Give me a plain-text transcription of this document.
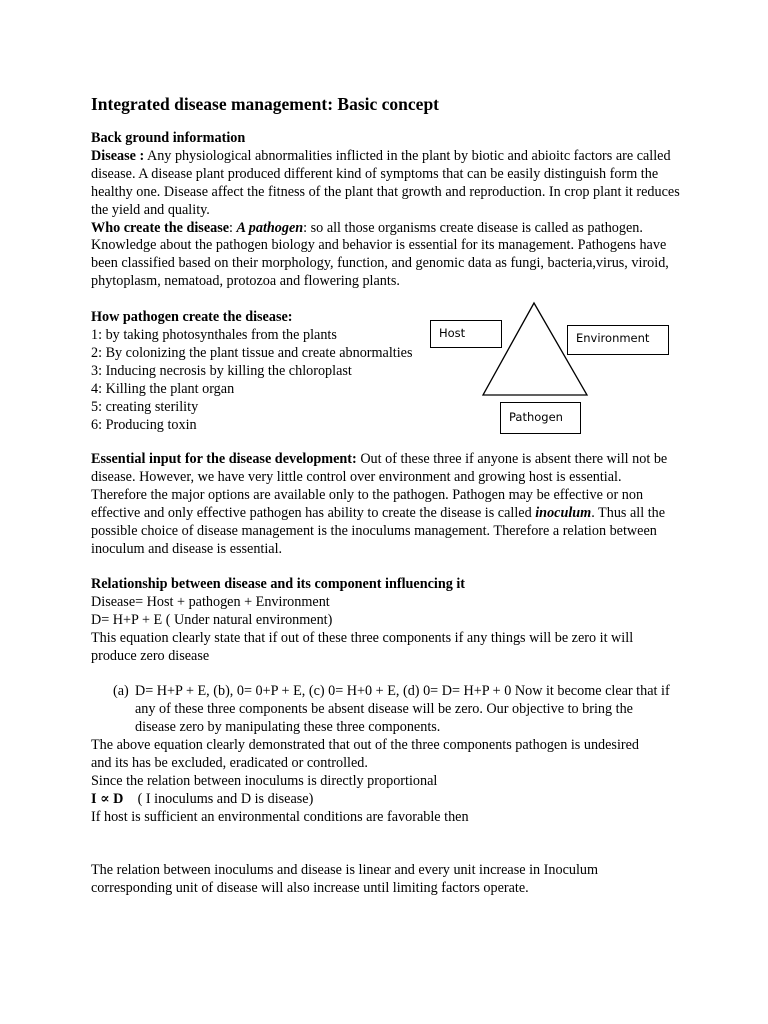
Integrated disease management: Basic concept
Back ground information
Disease : Any physiological abnormalities inflicted in the plant by biotic and abioitc factors are called disease. A disease plant produced different kind of symptoms that can be easily distinguish form the healthy one. Disease affect the fitness of the plant that growth and reproduction. In crop plant it reduces the yield and quality.
Who create the disease: A pathogen: so all those organisms create disease is called as pathogen.
Knowledge about the pathogen biology and behavior is essential for its management. Pathogens have been classified based on their morphology, function, and genomic data as fungi, bacteria,virus, viroid, phytoplasm, nematoad, protozoa and flowering plants.
How pathogen create the disease:
1: by taking photosynthales from the plants
2: By colonizing the plant tissue and create abnormalties
3: Inducing necrosis by killing the chloroplast
4: Killing the plant organ
5: creating sterility
6: Producing toxin
Host	Environment
Pathogen
Essential input for the disease development: Out of these three if anyone is absent there will not be disease. However, we have very little control over environment and growing host is essential. Therefore the major options are available only to the pathogen. Pathogen may be effective or non effective and only effective pathogen has ability to create the disease is called inoculum. Thus all the possible choice of disease management is the inoculums management. Therefore a relation between inoculum and disease is essential.
Relationship between disease and its component influencing it
Disease= Host + pathogen + Environment
D= H+P + E ( Under natural environment)
This equation clearly state that if out of these three components if any things will be zero it will produce zero disease
(a) D= H+P + E, (b), 0= 0+P + E, (c) 0= H+0 + E, (d) 0= D= H+P + 0 Now it become clear that if any of these three components be absent disease will be zero. Our objective to bring the disease zero by manipulating these three components.
The above equation clearly demonstrated that out of the three components pathogen is undesired and its has be excluded, eradicated or controlled.
Since the relation between inoculums is directly proportional
I ∝ D    ( I inoculums and D is disease)
If host is sufficient an environmental conditions are favorable then
The relation between inoculums and disease is linear and every unit increase in Inoculum corresponding unit of disease will also increase until limiting factors operate.
